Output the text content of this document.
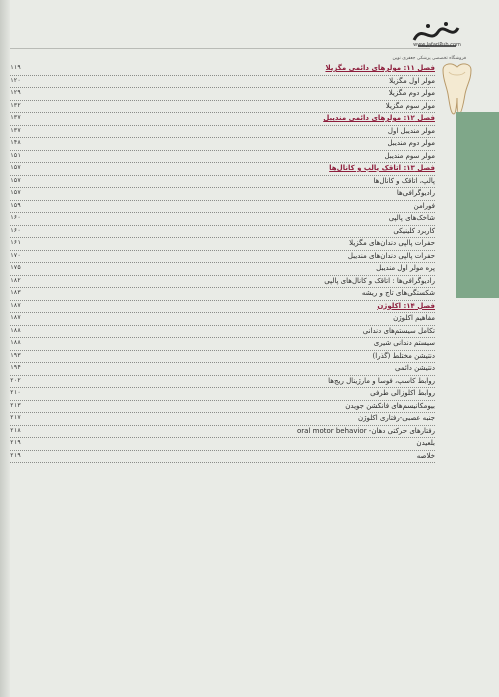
www.JafariPub.com
فروشگاه تخصصی پزشکی جعفری نوین
۱۱۹	فصل ۱۱: مولرهای دائمی مگزیلا
۱۲۰	مولر اول مگزیلا
۱۲۹	مولر دوم مگزیلا
۱۳۲	مولر سوم مگزیلا
۱۳۷	فصل ۱۲: مولرهای دائمی مندیبل
۱۳۷	مولر مندیبل اول
۱۴۸	مولر دوم مندیبل
۱۵۱	مولر سوم مندیبل
۱۵۷	فصل ۱۳: اتاقک پالپ و کانال‌ها
۱۵۷	پالپ، اتاقک و کانال‌ها
۱۵۷	رادیوگرافی‌ها
۱۵۹	فورامن
۱۶۰	شاخک‌های پالپی
۱۶۰	کاربرد کلینیکی
۱۶۱	حفرات پالپی دندان‌های مگزیلا
۱۷۰	حفرات پالپی دندان‌های مندیبل
۱۷۵	پره مولر اول مندیبل
۱۸۲	رادیوگرافی‌ها : اتاقک و کانال‌های پالپی
۱۸۳	شکستگی‌های تاج و ریشه
۱۸۷	فصل ۱۴: اکلوژن
۱۸۷	مفاهیم اکلوژن
۱۸۸	تکامل سیستم‌های دندانی
۱۸۸	سیستم دندانی شیری
۱۹۳	دنتیشن مختلط (گذرا)
۱۹۴	دنتیشن دائمی
۲۰۲	روابط کاسپ، فوسا و مارژینال ریج‌ها
۲۱۰	روابط اکلوزالی طرفی
۲۱۳	بیومکانیسم‌های فانکشن جویدن
۲۱۷	جنبه عصبی-رفتاری اکلوژن
۲۱۸	رفتارهای حرکتی دهان- oral motor behavior
۲۱۹	بلعیدن
۲۱۹	خلاصه
